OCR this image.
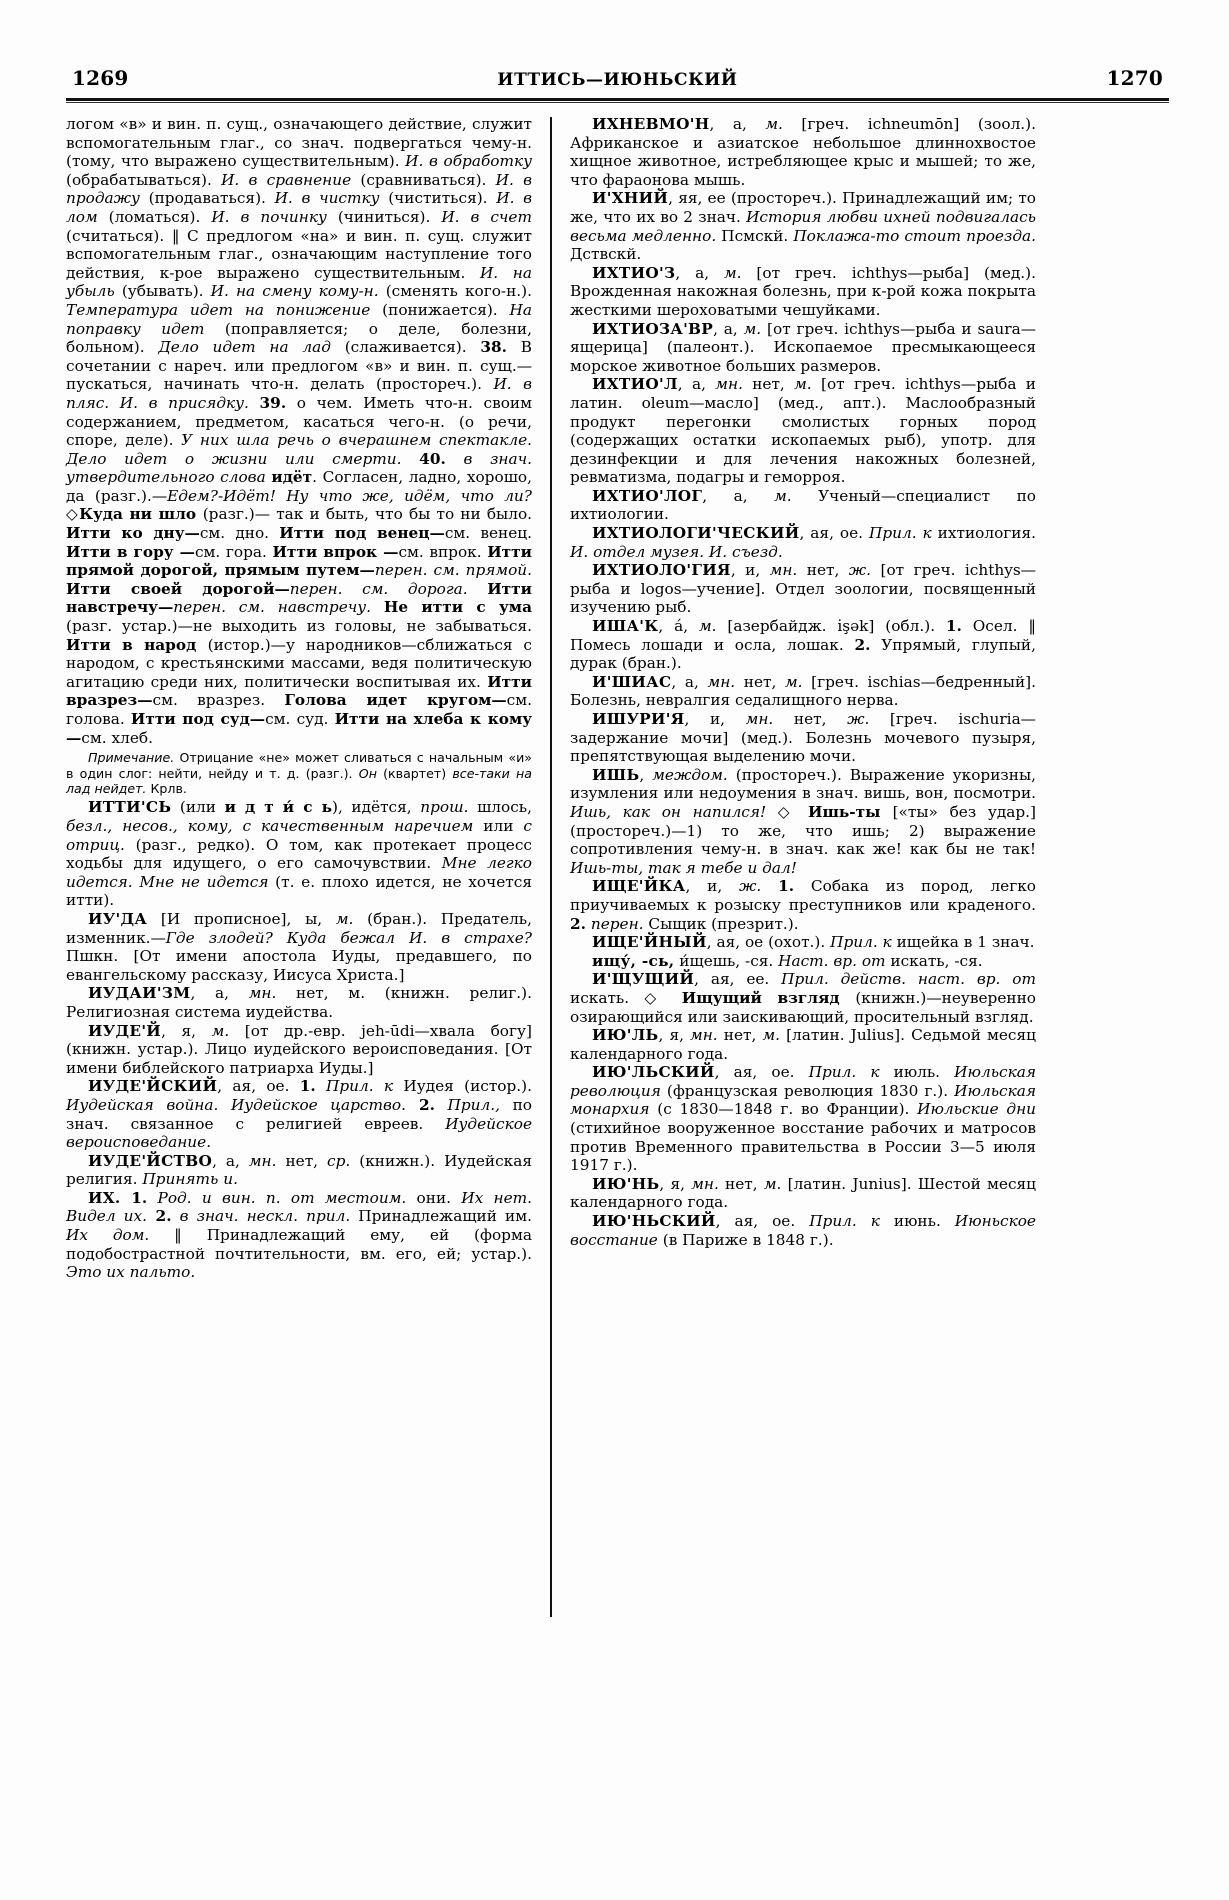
1269	ИТТИСЬ—ИЮНЬСКИЙ	1270

логом «в» и вин. п. сущ., означающего действие, служит вспомогательным глаг., со знач. подвергаться чему-н. (тому, что выражено существительным). И. в обработку (обрабатываться). И. в сравнение (сравниваться). И. в продажу (продаваться). И. в чистку (чиститься). И. в лом (ломаться). И. в починку (чиниться). И. в счет (считаться). ‖ С предлогом «на» и вин. п. сущ. служит вспомогательным глаг., означающим наступление того действия, к-рое выражено существительным. И. на убыль (убывать). И. на смену кому-н. (сменять кого-н.). Температура идет на понижение (понижается). На поправку идет (поправляется; о деле, болезни, больном). Дело идет на лад (слаживается). 38. В сочетании с нареч. или предлогом «в» и вин. п. сущ.— пускаться, начинать что-н. делать (простореч.). И. в пляс. И. в присядку. 39. о чем. Иметь что-н. своим содержанием, предметом, касаться чего-н. (о речи, споре, деле). У них шла речь о вчерашнем спектакле. Дело идет о жизни или смерти. 40. в знач. утвердительного слова идёт. Согласен, ладно, хорошо, да (разг.).—Едем?-Идёт! Ну что же, идём, что ли? ◇Куда ни шло (разг.)— так и быть, что бы то ни было. Итти ко дну—см. дно. Итти под венец—см. венец. Итти в гору —см. гора. Итти впрок —см. впрок. Итти прямой дорогой, прямым путем—перен. см. прямой. Итти своей дорогой—перен. см. дорога. Итти навстречу—перен. см. навстречу. Не итти с ума (разг. устар.)—не выходить из головы, не забываться. Итти в народ (истор.)—у народников—сближаться с народом, с крестьянскими массами, ведя политическую агитацию среди них, политически воспитывая их. Итти вразрез—см. вразрез. Голова идет кругом—см. голова. Итти под суд—см. суд. Итти на хлеба к кому—см. хлеб.

Примечание. Отрицание «не» может сливаться с начальным «и» в один слог: нейти, нейду и т. д. (разг.). Он (квартет) все-таки на лад нейдет. Крлв.

ИТТИ'СЬ (или и д т и́ с ь), идётся, прош. шлось, безл., несов., кому, с качественным наречием или с отриц. (разг., редко). О том, как протекает процесс ходьбы для идущего, о его самочувствии. Мне легко идется. Мне не идется (т. е. плохо идется, не хочется итти).

ИУ'ДА [И прописное], ы, м. (бран.). Предатель, изменник.—Где злодей? Куда бежал И. в страхе? Пшкн. [От имени апостола Иуды, предавшего, по евангельскому рассказу, Иисуса Христа.]

ИУДАИ'ЗМ, а, мн. нет, м. (книжн. религ.). Религиозная система иудейства.

ИУДЕ'Й, я, м. [от др.-евр. jeh-ūdi—хвала богу] (книжн. устар.). Лицо иудейского вероисповедания. [От имени библейского патриарха Иуды.]

ИУДЕ'ЙСКИЙ, ая, ое. 1. Прил. к Иудея (истор.). Иудейская война. Иудейское царство. 2. Прил., по знач. связанное с религией евреев. Иудейское вероисповедание.

ИУДЕ'ЙСТВО, а, мн. нет, ср. (книжн.). Иудейская религия. Принять и.

ИХ. 1. Род. и вин. п. от местоим. они. Их нет. Видел их. 2. в знач. нескл. прил. Принадлежащий им. Их дом. ‖ Принадлежащий ему, ей (форма подобострастной почтительности, вм. его, ей; устар.). Это их пальто.

ИХНЕВМО'Н, а, м. [греч. ichneumōn] (зоол.). Африканское и азиатское небольшое длиннохвостое хищное животное, истребляющее крыс и мышей; то же, что фараонова мышь.

И'ХНИЙ, яя, ее (простореч.). Принадлежащий им; то же, что их во 2 знач. История любви ихней подвигалась весьма медленно. Пcмскй. Поклажа-то стоит проезда. Дствскй.

ИХТИО'З, а, м. [от греч. ichthys—рыба] (мед.). Врожденная накожная болезнь, при к-рой кожа покрыта жесткими шероховатыми чешуйками.

ИХТИОЗА'ВР, а, м. [от греч. ichthys—рыба и saura—ящерица] (палеонт.). Ископаемое пресмыкающееся морское животное больших размеров.

ИХТИО'Л, а, мн. нет, м. [от греч. ichthys—рыба и латин. oleum—масло] (мед., апт.). Маслообразный продукт перегонки смолистых горных пород (содержащих остатки ископаемых рыб), употр. для дезинфекции и для лечения накожных болезней, ревматизма, подагры и геморроя.

ИХТИО'ЛОГ, а, м. Ученый—специалист по ихтиологии.

ИХТИОЛОГИ'ЧЕСКИЙ, ая, ое. Прил. к ихтиология. И. отдел музея. И. съезд.

ИХТИОЛО'ГИЯ, и, мн. нет, ж. [от греч. ichthys—рыба и logos—учение]. Отдел зоологии, посвященный изучению рыб.

ИША'К, á, м. [азербайдж. i̇şək] (обл.). 1. Осел. ‖ Помесь лошади и осла, лошак. 2. Упрямый, глупый, дурак (бран.).

И'ШИАС, а, мн. нет, м. [греч. ischias—бедренный]. Болезнь, невралгия седалищного нерва.

ИШУРИ'Я, и, мн. нет, ж. [греч. ischuria—задержание мочи] (мед.). Болезнь мочевого пузыря, препятствующая выделению мочи.

ИШЬ, междом. (простореч.). Выражение укоризны, изумления или недоумения в знач. вишь, вон, посмотри. Ишь, как он напился! ◇ Ишь-ты [«ты» без удар.] (простореч.)—1) то же, что ишь; 2) выражение сопротивления чему-н. в знач. как же! как бы не так! Ишь-ты, так я тебе и дал!

ИЩЕ'ЙКА, и, ж. 1. Собака из пород, легко приучиваемых к розыску преступников или краденого. 2. перен. Сыщик (презрит.).

ИЩЕ'ЙНЫЙ, ая, ое (охот.). Прил. к ищейка в 1 знач.

ищу́, -сь, и́щешь, -ся. Наст. вр. от искать, -ся.

И'ЩУЩИЙ, ая, ее. Прил. действ. наст. вр. от искать. ◇ Ищущий взгляд (книжн.)—неуверенно озирающийся или заискивающий, просительный взгляд.

ИЮ'ЛЬ, я, мн. нет, м. [латин. Julius]. Седьмой месяц календарного года.

ИЮ'ЛЬСКИЙ, ая, ое. Прил. к июль. Июльская революция (французская революция 1830 г.). Июльская монархия (с 1830—1848 г. во Франции). Июльские дни (стихийное вооруженное восстание рабочих и матросов против Временного правительства в России 3—5 июля 1917 г.).

ИЮ'НЬ, я, мн. нет, м. [латин. Junius]. Шестой месяц календарного года.

ИЮ'НЬСКИЙ, ая, ое. Прил. к июнь. Июньское восстание (в Париже в 1848 г.).
